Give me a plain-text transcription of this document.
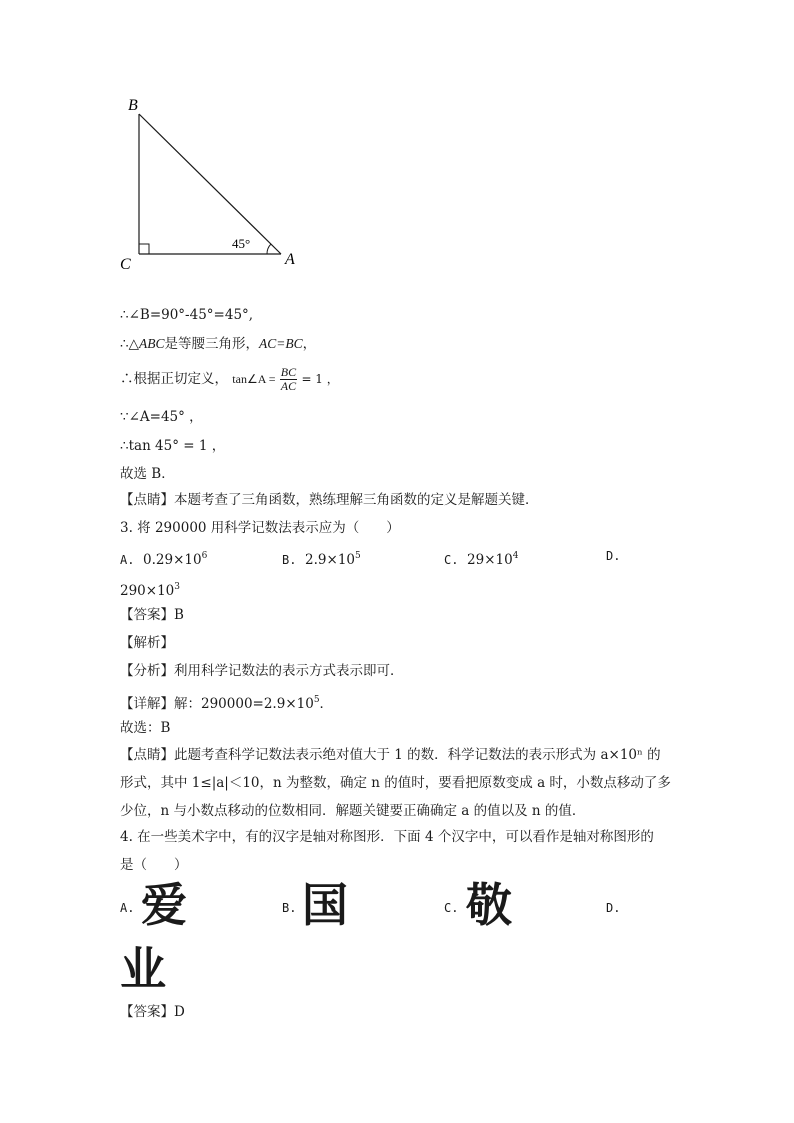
B
C	A
45°
∴∠B=90°-45°=45°,
∴△ABC是等腰三角形，AC=BC，
∴根据正切定义， tan∠A = $\frac{BC}{AC} = 1$ ，
∵∠A=45° ，
∴tan 45° = 1 ，
故选 B．
【点睛】本题考查了三角函数，熟练理解三角函数的定义是解题关键．
3. 将 290000 用科学记数法表示应为（　　）
A. $0.29\times 10^6$	B. $2.9\times 10^5$	C. $29\times 10^4$	D.
$290\times 10^3$
【答案】B
【解析】
【分析】利用科学记数法的表示方式表示即可．
【详解】解：$290000=2.9\times 10^5$．
故选：B
【点睛】此题考查科学记数法表示绝对值大于 1 的数．科学记数法的表示形式为 a×10ⁿ 的
形式，其中 1≤|a|＜10，n 为整数，确定 n 的值时，要看把原数变成 a 时，小数点移动了多
少位，n 与小数点移动的位数相同．解题关键要正确确定 a 的值以及 n 的值．
4. 在一些美术字中，有的汉字是轴对称图形．下面 4 个汉字中，可以看作是轴对称图形的
是（　　）
A. 爱	B. 国	C. 敬	D.
业
【答案】D
